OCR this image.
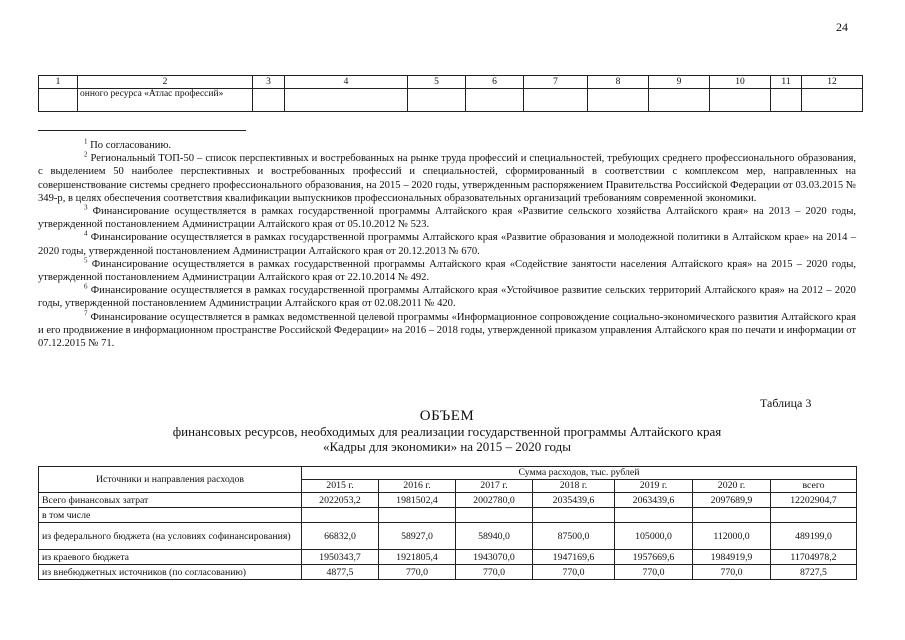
24
1	2	3	4	5	6	7	8	9	10	11	12
	онного ресурса «Атлас профессий»										

$^1$ По согласованию.

$^2$ Региональный ТОП-50 – список перспективных и востребованных на рынке труда профессий и специальностей, требующих среднего профессионального образования, с выделением 50 наиболее перспективных и востребованных профессий и специальностей, сформированный в соответствии с комплексом мер, направленных на совершенствование системы среднего профессионального образования, на 2015 – 2020 годы, утвержденным распоряжением Правительства Российской Федерации от 03.03.2015 № 349-р, в целях обеспечения соответствия квалификации выпускников профессиональных образовательных организаций требованиям современной экономики.

$^3$ Финансирование осуществляется в рамках государственной программы Алтайского края «Развитие сельского хозяйства Алтайского края» на 2013 – 2020 годы, утвержденной постановлением Администрации Алтайского края от 05.10.2012 № 523.

$^4$ Финансирование осуществляется в рамках государственной программы Алтайского края «Развитие образования и молодежной политики в Алтайском крае» на 2014 – 2020 годы, утвержденной постановлением Администрации Алтайского края от 20.12.2013 № 670.

$^5$ Финансирование осуществляется в рамках государственной программы Алтайского края «Содействие занятости населения Алтайского края» на 2015 – 2020 годы, утвержденной постановлением Администрации Алтайского края от 22.10.2014 № 492.

$^6$ Финансирование осуществляется в рамках государственной программы Алтайского края «Устойчивое развитие сельских территорий Алтайского края» на 2012 – 2020 годы, утвержденной постановлением Администрации Алтайского края от 02.08.2011 № 420.

$^7$ Финансирование осуществляется в рамках ведомственной целевой программы «Информационное сопровождение социально-экономического развития Алтайского края и его продвижение в информационном пространстве Российской Федерации» на 2016 – 2018 годы, утвержденной приказом управления Алтайского края по печати и информации от 07.12.2015 № 71.

Таблица 3
ОБЪЕМ
финансовых ресурсов, необходимых для реализации государственной программы Алтайского края
«Кадры для экономики» на 2015 – 2020 годы
Источники и направления расходов	Сумма расходов, тыс. рублей						
	2015 г.	2016 г.	2017 г.	2018 г.	2019 г.	2020 г.	всего
Всего финансовых затрат	2022053,2	1981502,4	2002780,0	2035439,6	2063439,6	2097689,9	12202904,7
в том числе							
из федерального бюджета (на условиях софинансирования)	66832,0	58927,0	58940,0	87500,0	105000,0	112000,0	489199,0
из краевого бюджета	1950343,7	1921805,4	1943070,0	1947169,6	1957669,6	1984919,9	11704978,2
из внебюджетных источников (по согласованию)	4877,5	770,0	770,0	770,0	770,0	770,0	8727,5
